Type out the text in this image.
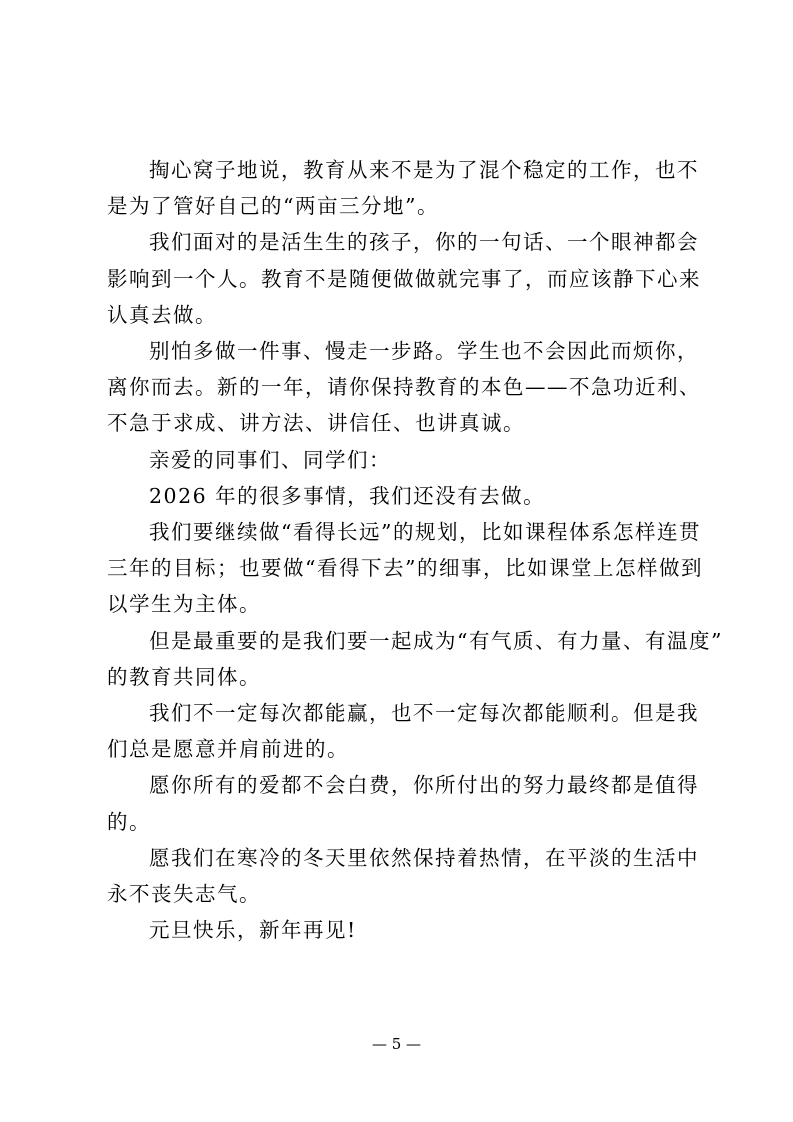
掏心窝子地说，教育从来不是为了混个稳定的工作，也不
是为了管好自己的“两亩三分地”。
我们面对的是活生生的孩子，你的一句话、一个眼神都会
影响到一个人。教育不是随便做做就完事了，而应该静下心来
认真去做。
别怕多做一件事、慢走一步路。学生也不会因此而烦你，
离你而去。新的一年，请你保持教育的本色——不急功近利、
不急于求成、讲方法、讲信任、也讲真诚。
亲爱的同事们、同学们：
2026 年的很多事情，我们还没有去做。
我们要继续做“看得长远”的规划，比如课程体系怎样连贯
三年的目标；也要做“看得下去”的细事，比如课堂上怎样做到
以学生为主体。
但是最重要的是我们要一起成为“有气质、有力量、有温度”
的教育共同体。
我们不一定每次都能赢，也不一定每次都能顺利。但是我
们总是愿意并肩前进的。
愿你所有的爱都不会白费，你所付出的努力最终都是值得
的。
愿我们在寒冷的冬天里依然保持着热情，在平淡的生活中
永不丧失志气。
元旦快乐，新年再见!
— 5 —
